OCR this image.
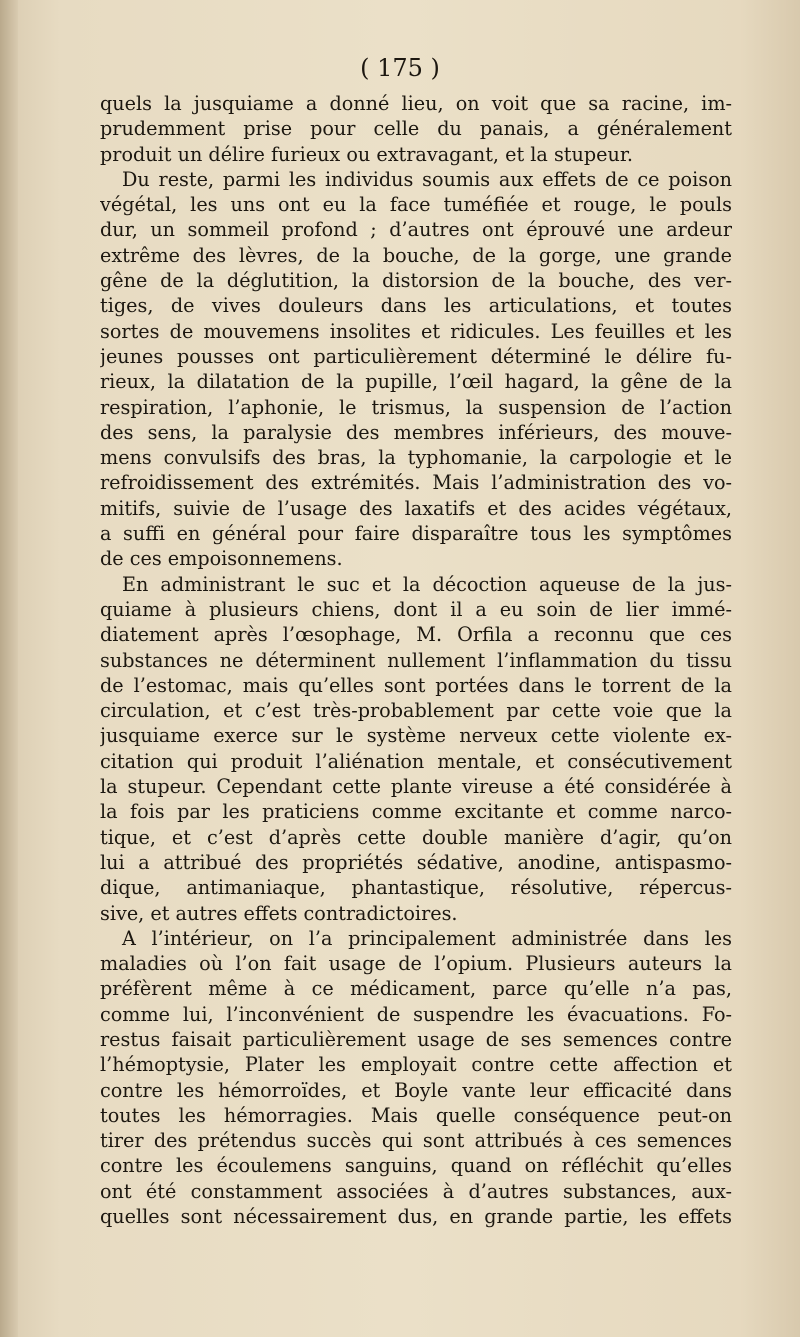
( 175 )
quels la jusquiame a donné lieu, on voit que sa racine, im-
prudemment prise pour celle du panais, a généralement
produit un délire furieux ou extravagant, et la stupeur.
Du reste, parmi les individus soumis aux effets de ce poison
végétal, les uns ont eu la face tuméfiée et rouge, le pouls
dur, un sommeil profond ; d’autres ont éprouvé une ardeur
extrême des lèvres, de la bouche, de la gorge, une grande
gêne de la déglutition, la distorsion de la bouche, des ver-
tiges, de vives douleurs dans les articulations, et toutes
sortes de mouvemens insolites et ridicules. Les feuilles et les
jeunes pousses ont particulièrement déterminé le délire fu-
rieux, la dilatation de la pupille, l’œil hagard, la gêne de la
respiration, l’aphonie, le trismus, la suspension de l’action
des sens, la paralysie des membres inférieurs, des mouve-
mens convulsifs des bras, la typhomanie, la carpologie et le
refroidissement des extrémités. Mais l’administration des vo-
mitifs, suivie de l’usage des laxatifs et des acides végétaux,
a suffi en général pour faire disparaître tous les symptômes
de ces empoisonnemens.
En administrant le suc et la décoction aqueuse de la jus-
quiame à plusieurs chiens, dont il a eu soin de lier immé-
diatement après l’œsophage, M. Orfila a reconnu que ces
substances ne déterminent nullement l’inflammation du tissu
de l’estomac, mais qu’elles sont portées dans le torrent de la
circulation, et c’est très-probablement par cette voie que la
jusquiame exerce sur le système nerveux cette violente ex-
citation qui produit l’aliénation mentale, et consécutivement
la stupeur. Cependant cette plante vireuse a été considérée à
la fois par les praticiens comme excitante et comme narco-
tique, et c’est d’après cette double manière d’agir, qu’on
lui a attribué des propriétés sédative, anodine, antispasmo-
dique, antimaniaque, phantastique, résolutive, répercus-
sive, et autres effets contradictoires.
A l’intérieur, on l’a principalement administrée dans les
maladies où l’on fait usage de l’opium. Plusieurs auteurs la
préfèrent même à ce médicament, parce qu’elle n’a pas,
comme lui, l’inconvénient de suspendre les évacuations. Fo-
restus faisait particulièrement usage de ses semences contre
l’hémoptysie, Plater les employait contre cette affection et
contre les hémorroïdes, et Boyle vante leur efficacité dans
toutes les hémorragies. Mais quelle conséquence peut-on
tirer des prétendus succès qui sont attribués à ces semences
contre les écoulemens sanguins, quand on réfléchit qu’elles
ont été constamment associées à d’autres substances, aux-
quelles sont nécessairement dus, en grande partie, les effets
